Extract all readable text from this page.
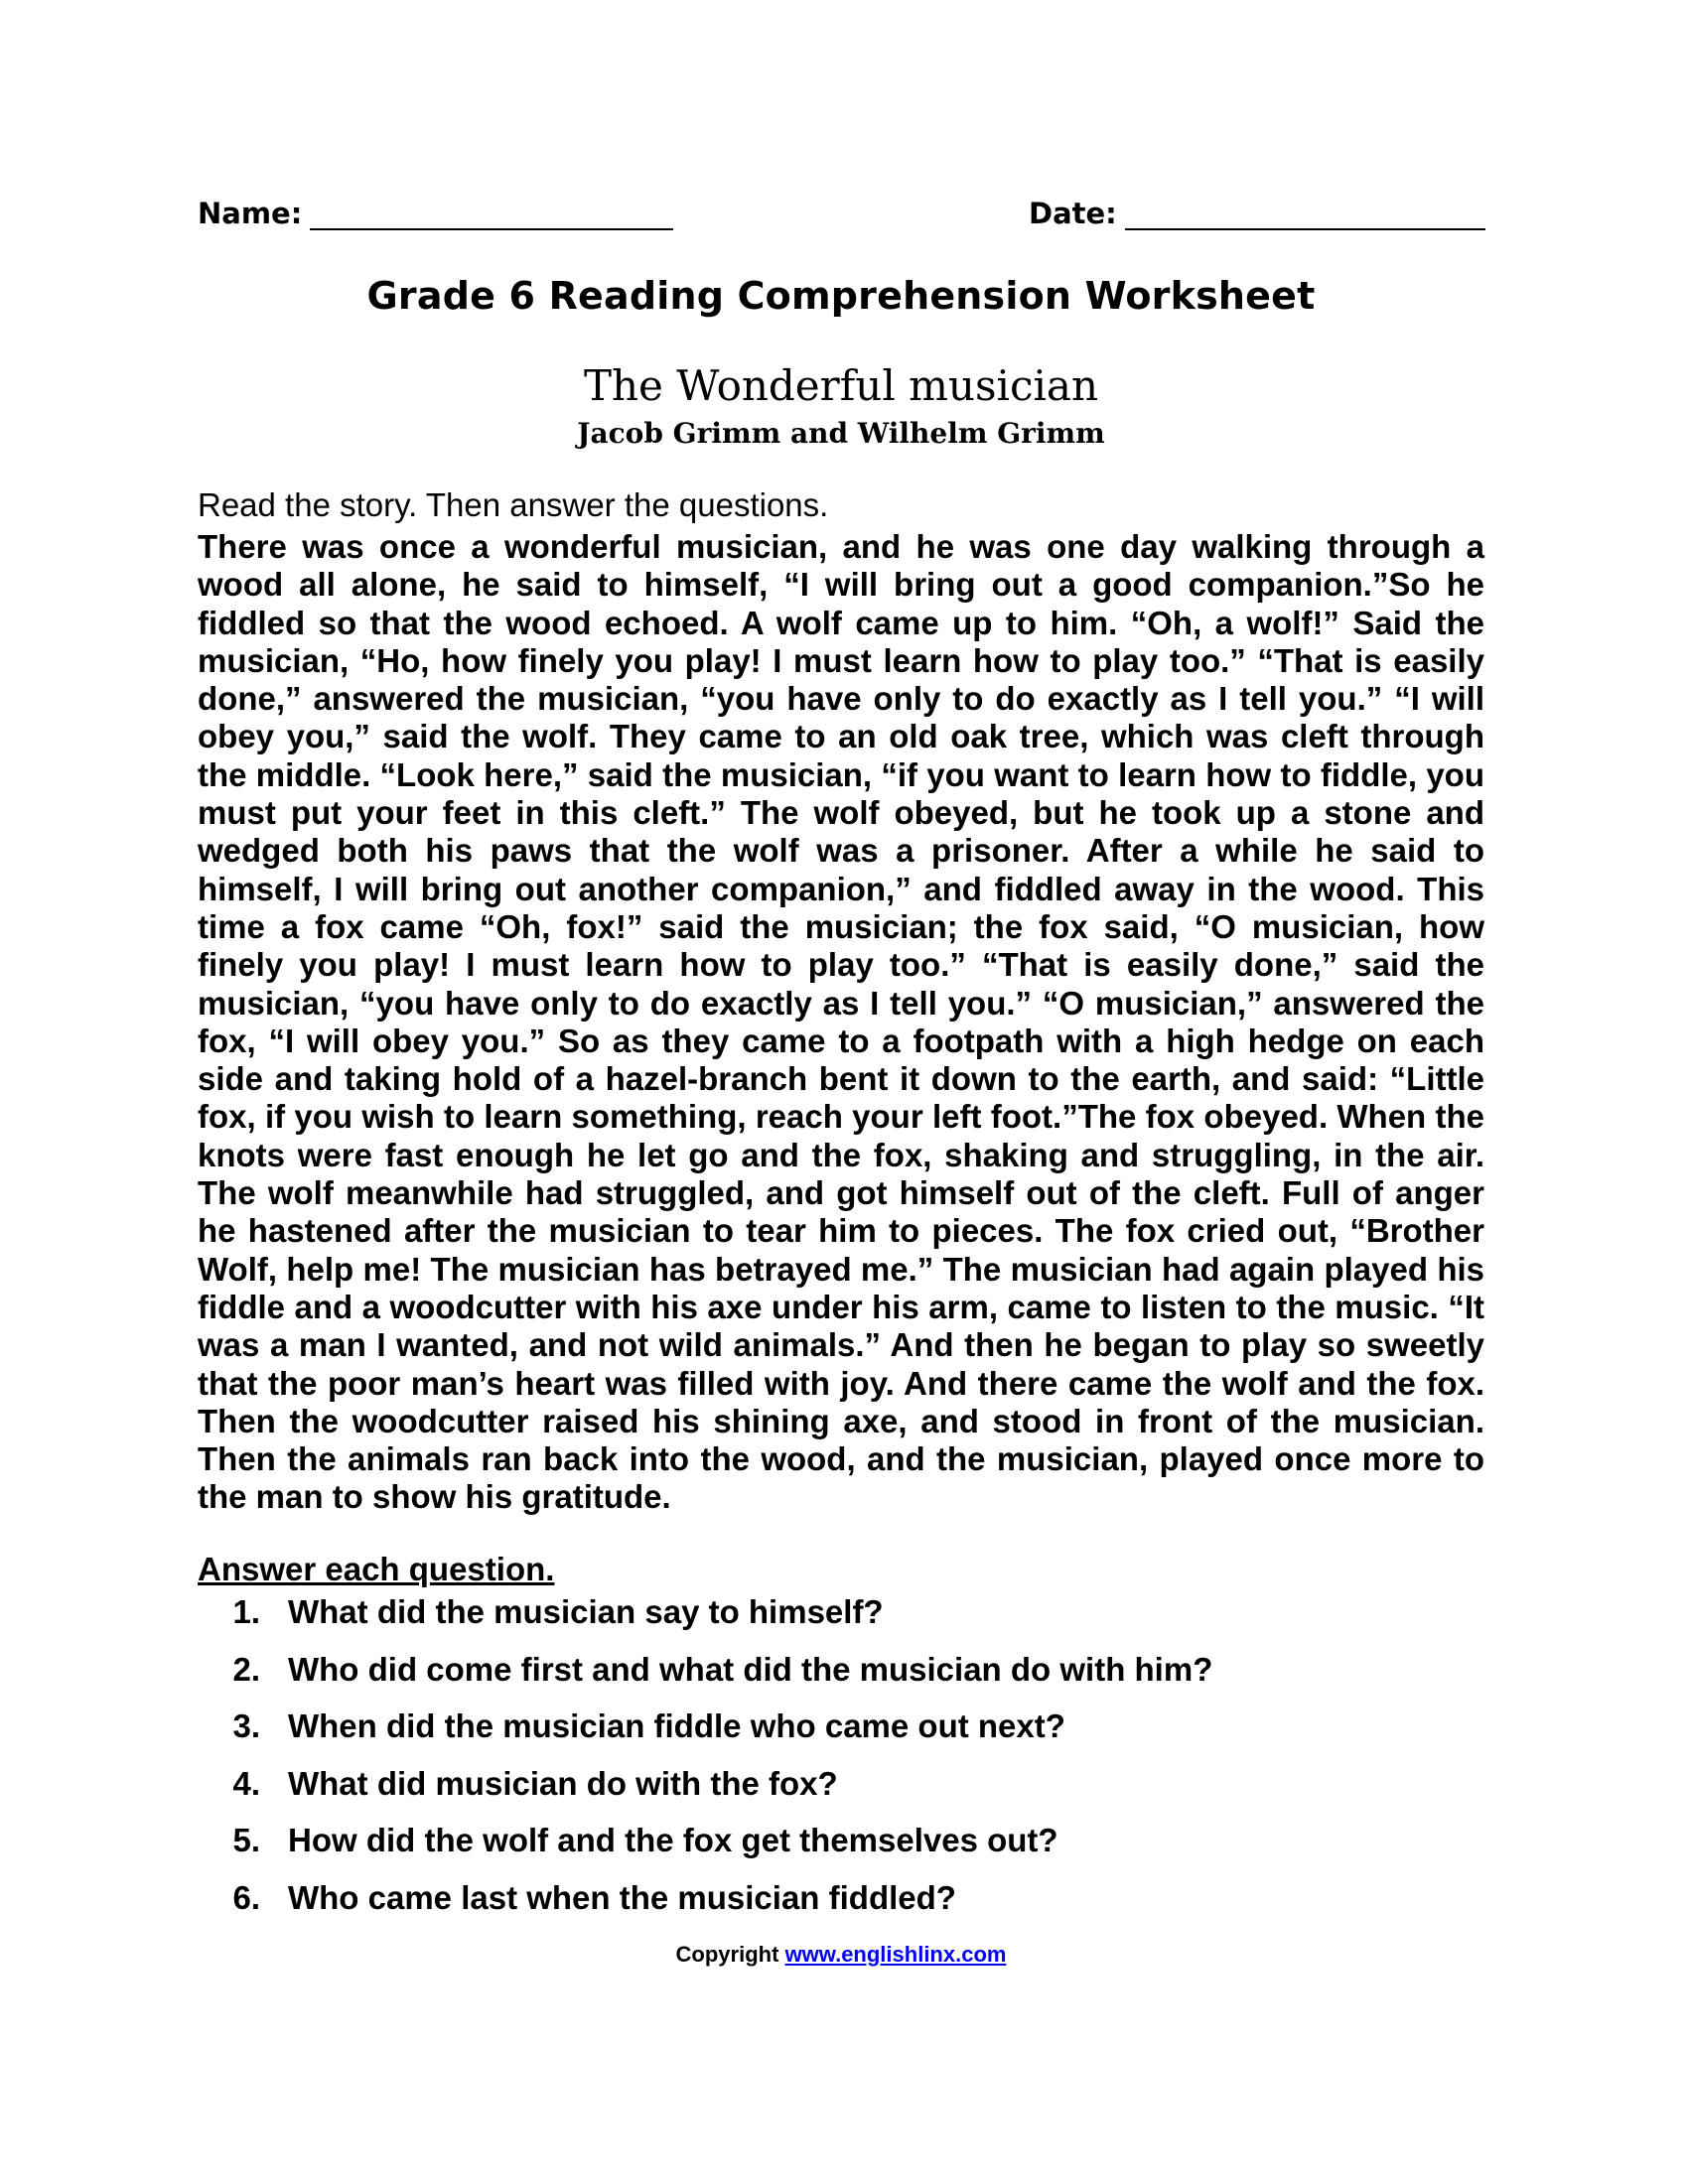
Name:	Date:
Grade 6 Reading Comprehension Worksheet
The Wonderful musician

Jacob Grimm and Wilhelm Grimm

Read the story. Then answer the questions.

There was once a wonderful musician, and he was one day walking through a wood all alone, he said to himself, “I will bring out a good companion.”So he fiddled so that the wood echoed. A wolf came up to him. “Oh, a wolf!” Said the musician, “Ho, how finely you play! I must learn how to play too.” “That is easily done,” answered the musician, “you have only to do exactly as I tell you.” “I will obey you,” said the wolf. They came to an old oak tree, which was cleft through the middle. “Look here,” said the musician, “if you want to learn how to fiddle, you must put your feet in this cleft.” The wolf obeyed, but he took up a stone and wedged both his paws that the wolf was a prisoner. After a while he said to himself, I will bring out another companion,” and fiddled away in the wood. This time a fox came “Oh, fox!” said the musician; the fox said, “O musician, how finely you play! I must learn how to play too.” “That is easily done,” said the musician, “you have only to do exactly as I tell you.” “O musician,” answered the fox, “I will obey you.” So as they came to a footpath with a high hedge on each side and taking hold of a hazel-branch bent it down to the earth, and said: “Little fox, if you wish to learn something, reach your left foot.”The fox obeyed. When the knots were fast enough he let go and the fox, shaking and struggling, in the air. The wolf meanwhile had struggled, and got himself out of the cleft. Full of anger he hastened after the musician to tear him to pieces. The fox cried out, “Brother Wolf, help me! The musician has betrayed me.” The musician had again played his fiddle and a woodcutter with his axe under his arm, came to listen to the music. “It was a man I wanted, and not wild animals.” And then he began to play so sweetly that the poor man’s heart was filled with joy. And there came the wolf and the fox. Then the woodcutter raised his shining axe, and stood in front of the musician. Then the animals ran back into the wood, and the musician, played once more to the man to show his gratitude.

Answer each question.

1. What did the musician say to himself?
2. Who did come first and what did the musician do with him?
3. When did the musician fiddle who came out next?
4. What did musician do with the fox?
5. How did the wolf and the fox get themselves out?
6. Who came last when the musician fiddled?
Copyright www.englishlinx.com
